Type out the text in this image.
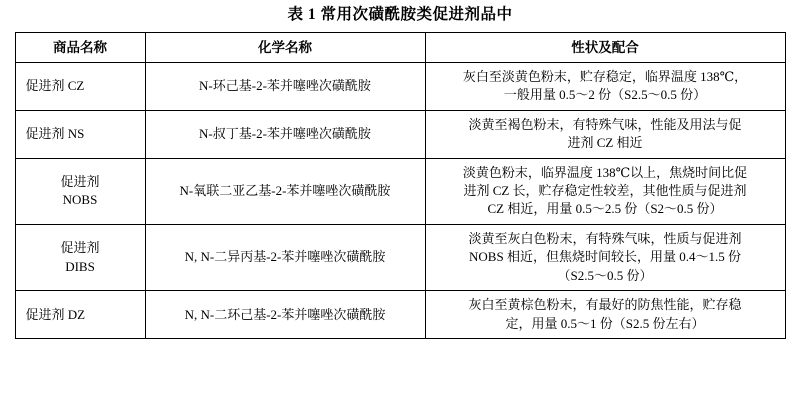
表 1 常用次磺酰胺类促进剂品中
商品名称	化学名称	性状及配合

促进剂 CZ	N-环己基-2-苯并噻唑次磺酰胺	灰白至淡黄色粉末，贮存稳定，临界温度 138℃，
一般用量 0.5～2 份（S2.5～0.5 份）

促进剂 NS	N-叔丁基-2-苯并噻唑次磺酰胺	淡黄至褐色粉末，有特殊气味，性能及用法与促
进剂 CZ 相近

促进剂
NOBS	N-氧联二亚乙基-2-苯并噻唑次磺酰胺	淡黄色粉末，临界温度 138℃以上，焦烧时间比促
进剂 CZ 长，贮存稳定性较差，其他性质与促进剂
CZ 相近，用量 0.5～2.5 份（S2～0.5 份）

促进剂
DIBS	N, N-二异丙基-2-苯并噻唑次磺酰胺	淡黄至灰白色粉末，有特殊气味，性质与促进剂
NOBS 相近，但焦烧时间较长，用量 0.4～1.5 份
（S2.5～0.5 份）

促进剂 DZ	N, N-二环己基-2-苯并噻唑次磺酰胺	灰白至黄棕色粉末，有最好的防焦性能，贮存稳
定，用量 0.5～1 份（S2.5 份左右）
